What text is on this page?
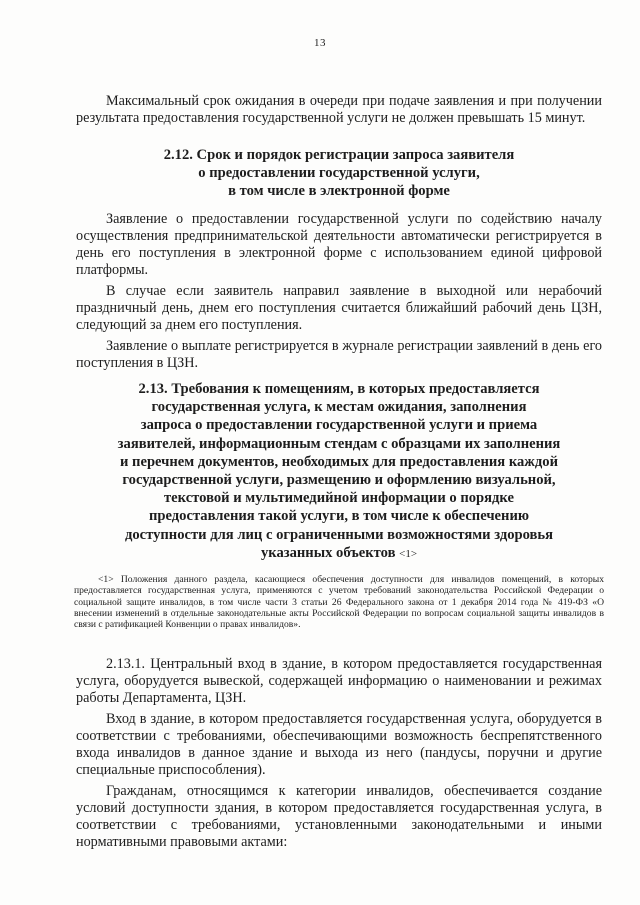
13

Максимальный срок ожидания в очереди при подаче заявления и при получении результата предоставления государственной услуги не должен превышать 15 минут.

2.12. Срок и порядок регистрации запроса заявителя

о предоставлении государственной услуги,

в том числе в электронной форме

Заявление о предоставлении государственной услуги по содействию началу осуществления предпринимательской деятельности автоматически регистрируется в день его поступления в электронной форме с использованием единой цифровой платформы.

В случае если заявитель направил заявление в выходной или нерабочий праздничный день, днем его поступления считается ближайший рабочий день ЦЗН, следующий за днем его поступления.

Заявление о выплате регистрируется в журнале регистрации заявлений в день его поступления в ЦЗН.

2.13. Требования к помещениям, в которых предоставляется

государственная услуга, к местам ожидания, заполнения

запроса о предоставлении государственной услуги и приема

заявителей, информационным стендам с образцами их заполнения

и перечнем документов, необходимых для предоставления каждой

государственной услуги, размещению и оформлению визуальной,

текстовой и мультимедийной информации о порядке

предоставления такой услуги, в том числе к обеспечению

доступности для лиц с ограниченными возможностями здоровья

указанных объектов <1>

<1> Положения данного раздела, касающиеся обеспечения доступности для инвалидов помещений, в которых предоставляется государственная услуга, применяются с учетом требований законодательства Российской Федерации о социальной защите инвалидов, в том числе части 3 статьи 26 Федерального закона от 1 декабря 2014 года № 419-ФЗ «О внесении изменений в отдельные законодательные акты Российской Федерации по вопросам социальной защиты инвалидов в связи с ратификацией Конвенции о правах инвалидов».

2.13.1. Центральный вход в здание, в котором предоставляется государственная услуга, оборудуется вывеской, содержащей информацию о наименовании и режимах работы Департамента, ЦЗН.

Вход в здание, в котором предоставляется государственная услуга, оборудуется в соответствии с требованиями, обеспечивающими возможность беспрепятственного входа инвалидов в данное здание и выхода из него (пандусы, поручни и другие специальные приспособления).

Гражданам, относящимся к категории инвалидов, обеспечивается создание условий доступности здания, в котором предоставляется государственная услуга, в соответствии с требованиями, установленными законодательными и иными нормативными правовыми актами:
